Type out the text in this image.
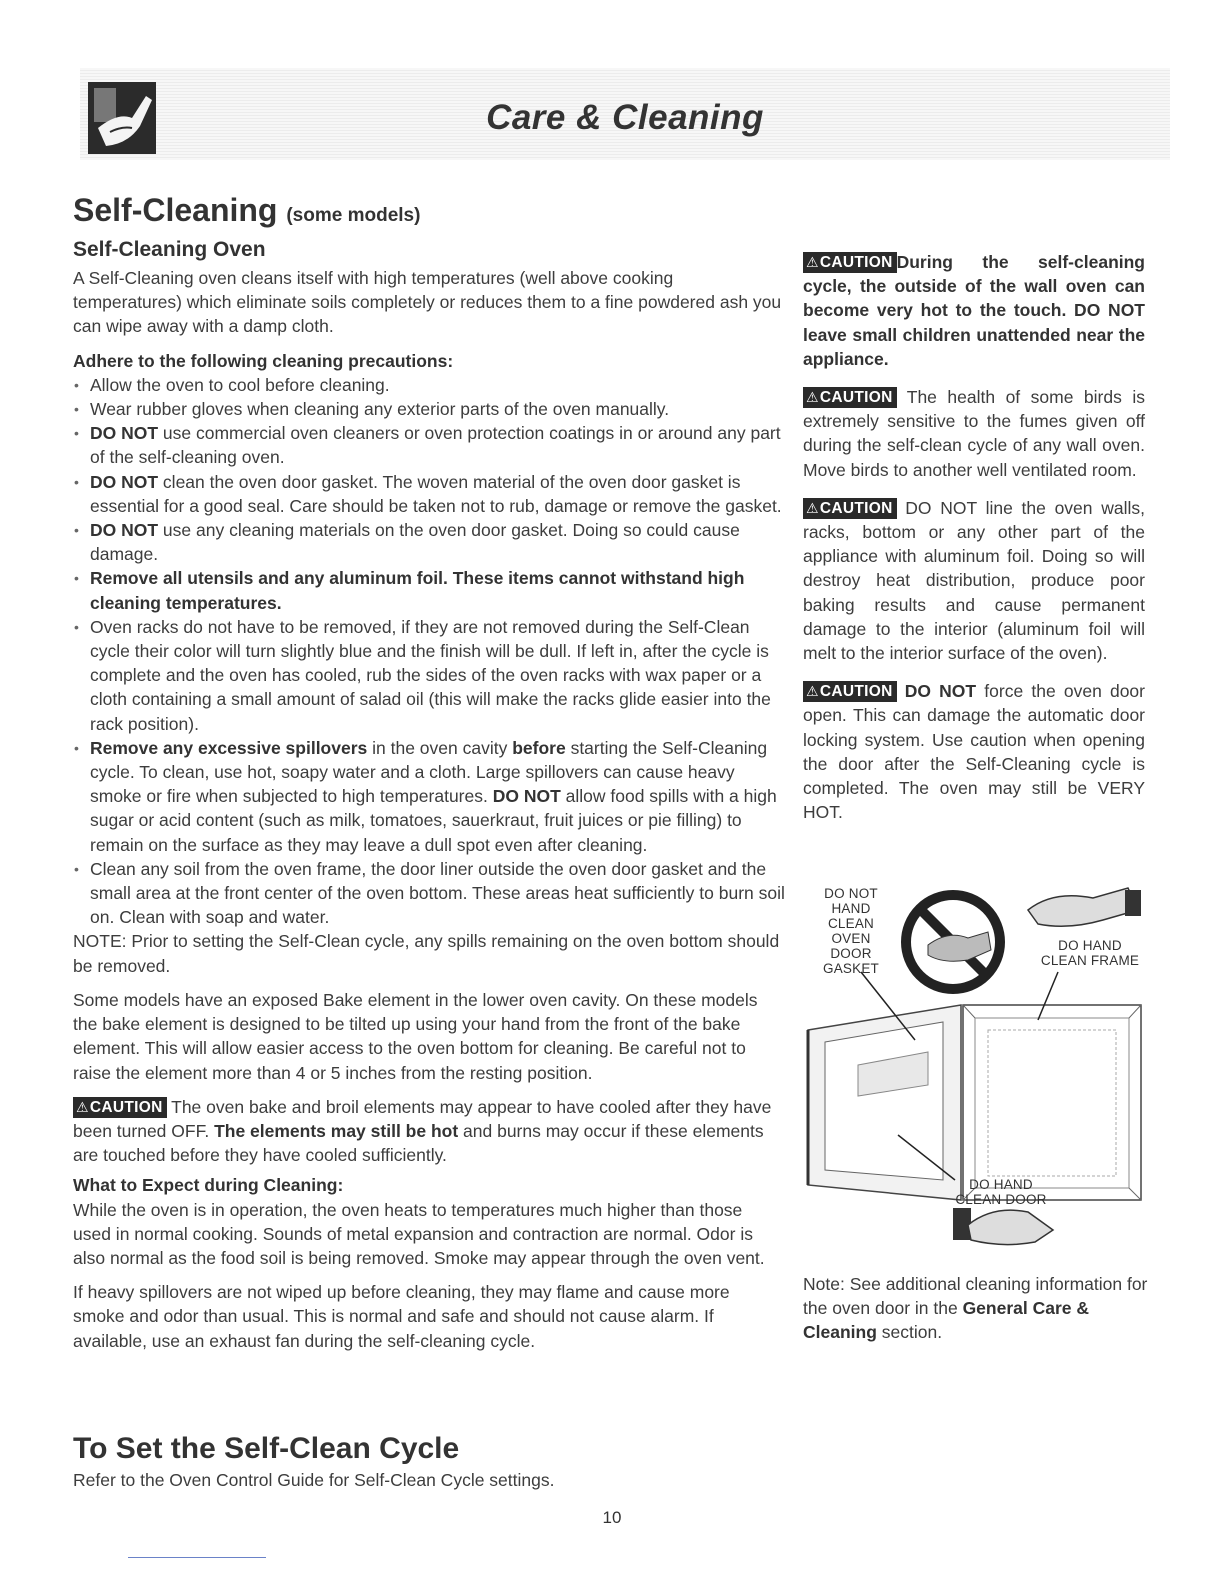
Care & Cleaning
Self-Cleaning (some models)
Self-Cleaning Oven

A Self-Cleaning oven cleans itself with high temperatures (well above cooking temperatures) which eliminate soils completely or reduces them to a fine powdered ash you can wipe away with a damp cloth.

Adhere to the following cleaning precautions:

• Allow the oven to cool before cleaning.
• Wear rubber gloves when cleaning any exterior parts of the oven manually.
• DO NOT use commercial oven cleaners or oven protection coatings in or around any part of the self-cleaning oven.
• DO NOT clean the oven door gasket. The woven material of the oven door gasket is essential for a good seal. Care should be taken not to rub, damage or remove the gasket.
• DO NOT use any cleaning materials on the oven door gasket. Doing so could cause damage.
• Remove all utensils and any aluminum foil. These items cannot withstand high cleaning temperatures.
• Oven racks do not have to be removed, if they are not removed during the Self-Clean cycle their color will turn slightly blue and the finish will be dull. If left in, after the cycle is complete and the oven has cooled, rub the sides of the oven racks with wax paper or a cloth containing a small amount of salad oil (this will make the racks glide easier into the rack position).
• Remove any excessive spillovers in the oven cavity before starting the Self-Cleaning cycle. To clean, use hot, soapy water and a cloth. Large spillovers can cause heavy smoke or fire when subjected to high temperatures. DO NOT allow food spills with a high sugar or acid content (such as milk, tomatoes, sauerkraut, fruit juices or pie filling) to remain on the surface as they may leave a dull spot even after cleaning.
• Clean any soil from the oven frame, the door liner outside the oven door gasket and the small area at the front center of the oven bottom. These areas heat sufficiently to burn soil on. Clean with soap and water.

NOTE: Prior to setting the Self-Clean cycle, any spills remaining on the oven bottom should be removed.

Some models have an exposed Bake element in the lower oven cavity. On these models the bake element is designed to be tilted up using your hand from the front of the bake element. This will allow easier access to the oven bottom for cleaning. Be careful not to raise the element more than 4 or 5 inches from the resting position.

⚠CAUTION The oven bake and broil elements may appear to have cooled after they have been turned OFF. The elements may still be hot and burns may occur if these elements are touched before they have cooled sufficiently.

What to Expect during Cleaning:

While the oven is in operation, the oven heats to temperatures much higher than those used in normal cooking. Sounds of metal expansion and contraction are normal. Odor is also normal as the food soil is being removed. Smoke may appear through the oven vent.

If heavy spillovers are not wiped up before cleaning, they may flame and cause more smoke and odor than usual. This is normal and safe and should not cause alarm. If available, use an exhaust fan during the self-cleaning cycle.

⚠CAUTION During the self-cleaning cycle, the outside of the wall oven can become very hot to the touch. DO NOT leave small children unattended near the appliance.
⚠CAUTION The health of some birds is extremely sensitive to the fumes given off during the self-clean cycle of any wall oven. Move birds to another well ventilated room.
⚠CAUTION DO NOT line the oven walls, racks, bottom or any other part of the appliance with aluminum foil. Doing so will destroy heat distribution, produce poor baking results and cause permanent damage to the interior (aluminum foil will melt to the interior surface of the oven).
⚠CAUTION DO NOT force the oven door open. This can damage the automatic door locking system. Use caution when opening the door after the Self-Cleaning cycle is completed. The oven may still be VERY HOT.
DO NOT
HAND
CLEAN OVEN
DOOR
GASKET
DO HAND
CLEAN FRAME
DO HAND
CLEAN DOOR
Note: See additional cleaning information for the oven door in the General Care & Cleaning section.
To Set the Self-Clean Cycle
Refer to the Oven Control Guide for Self-Clean Cycle settings.
10
